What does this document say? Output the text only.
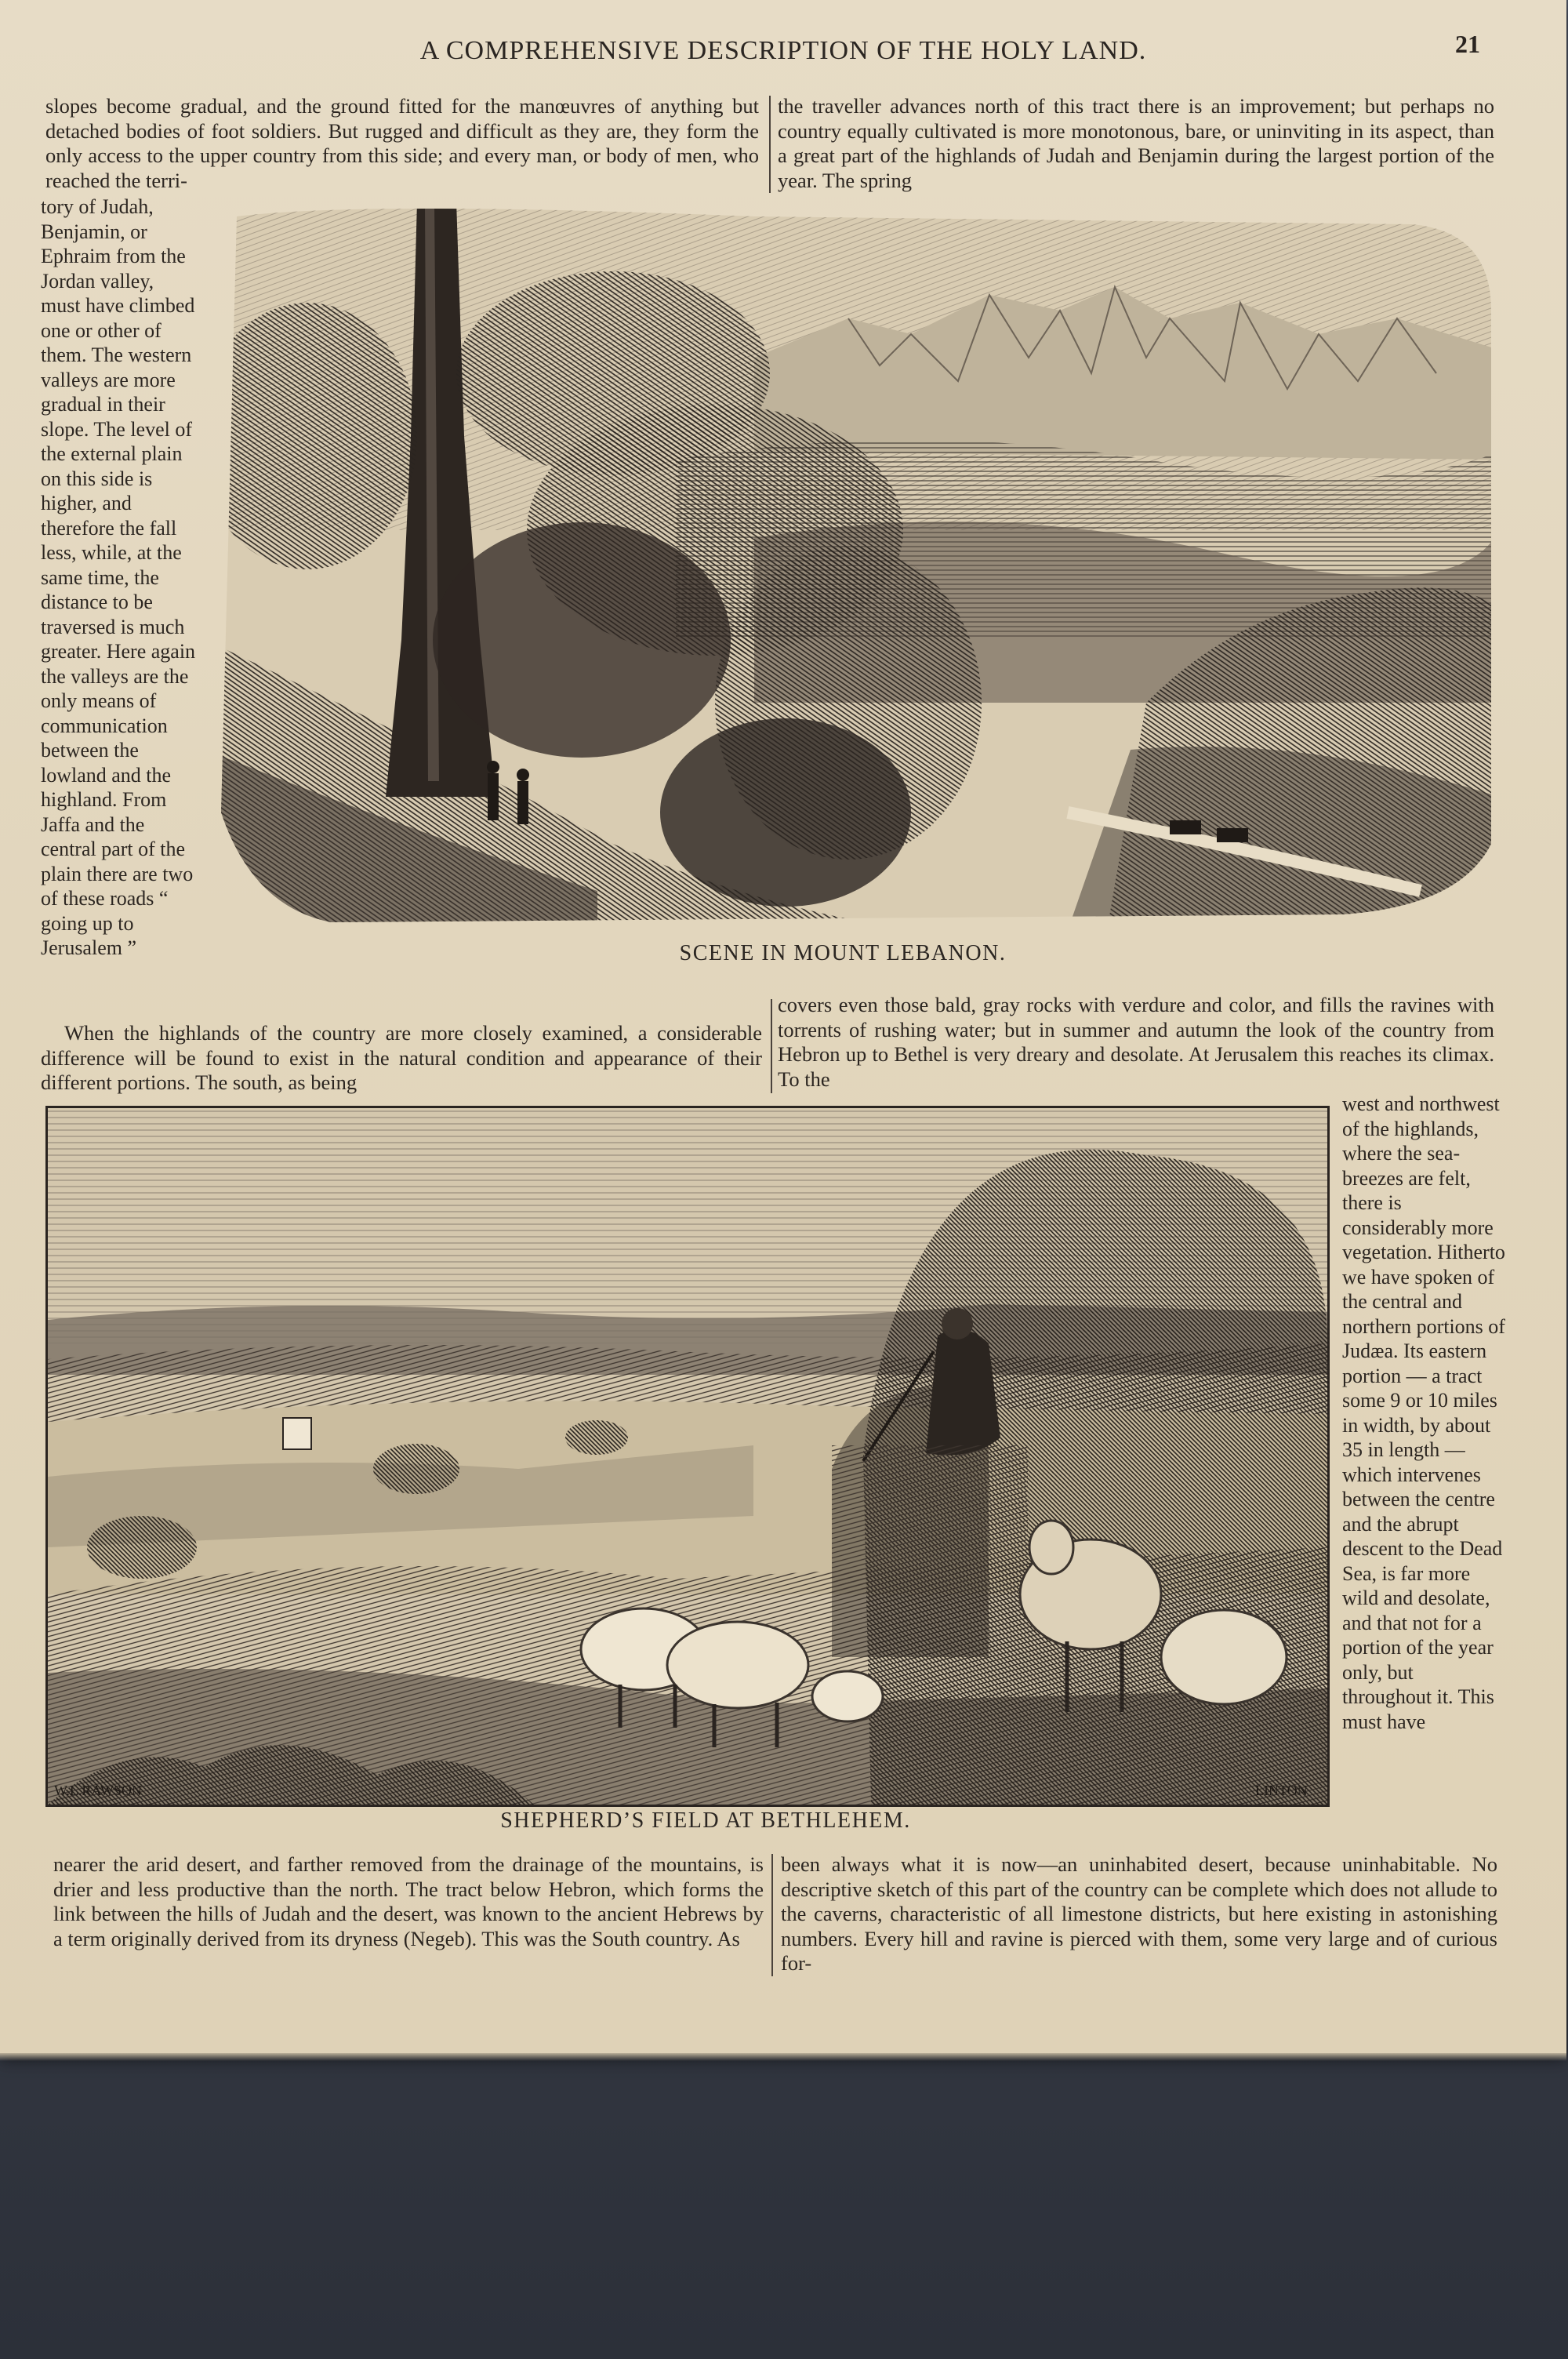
A COMPREHENSIVE DESCRIPTION OF THE HOLY LAND.	21

slopes become gradual, and the ground fitted for the manœuvres of anything but detached bodies of foot soldiers. But rugged and difficult as they are, they form the only access to the upper country from this side; and every man, or body of men, who reached the terri-

the traveller advances north of this tract there is an improvement; but perhaps no country equally cultivated is more monotonous, bare, or uninviting in its aspect, than a great part of the highlands of Judah and Benjamin during the largest portion of the year. The spring

tory of Judah, Benjamin, or Ephraim from the Jordan valley, must have climbed one or other of them. The western valleys are more gradual in their slope. The level of the external plain on this side is higher, and therefore the fall less, while, at the same time, the distance to be traversed is much greater. Here again the valleys are the only means of communication between the lowland and the highland. From Jaffa and the central part of the plain there are two of these roads “ going up to Jerusalem ”	SCENE IN MOUNT LEBANON.

When the highlands of the country are more closely examined, a considerable difference will be found to exist in the natural condition and appearance of their different portions. The south, as being

covers even those bald, gray rocks with verdure and color, and fills the ravines with torrents of rushing water; but in summer and autumn the look of the country from Hebron up to Bethel is very dreary and desolate. At Jerusalem this reaches its climax. To the

W.L.RAWSON	LINTON

west and northwest of the highlands, where the sea-breezes are felt, there is considerably more vegetation. Hitherto we have spoken of the central and northern portions of Judæa. Its eastern portion — a tract some 9 or 10 miles in width, by about 35 in length — which intervenes between the centre and the abrupt descent to the Dead Sea, is far more wild and desolate, and that not for a portion of the year only, but throughout it. This must have

SHEPHERD’S FIELD AT BETHLEHEM.

nearer the arid desert, and farther removed from the drainage of the mountains, is drier and less productive than the north. The tract below Hebron, which forms the link between the hills of Judah and the desert, was known to the ancient Hebrews by a term originally derived from its dryness (Negeb). This was the South country. As

been always what it is now—an uninhabited desert, because uninhabitable. No descriptive sketch of this part of the country can be complete which does not allude to the caverns, characteristic of all limestone districts, but here existing in astonishing numbers. Every hill and ravine is pierced with them, some very large and of curious for-
